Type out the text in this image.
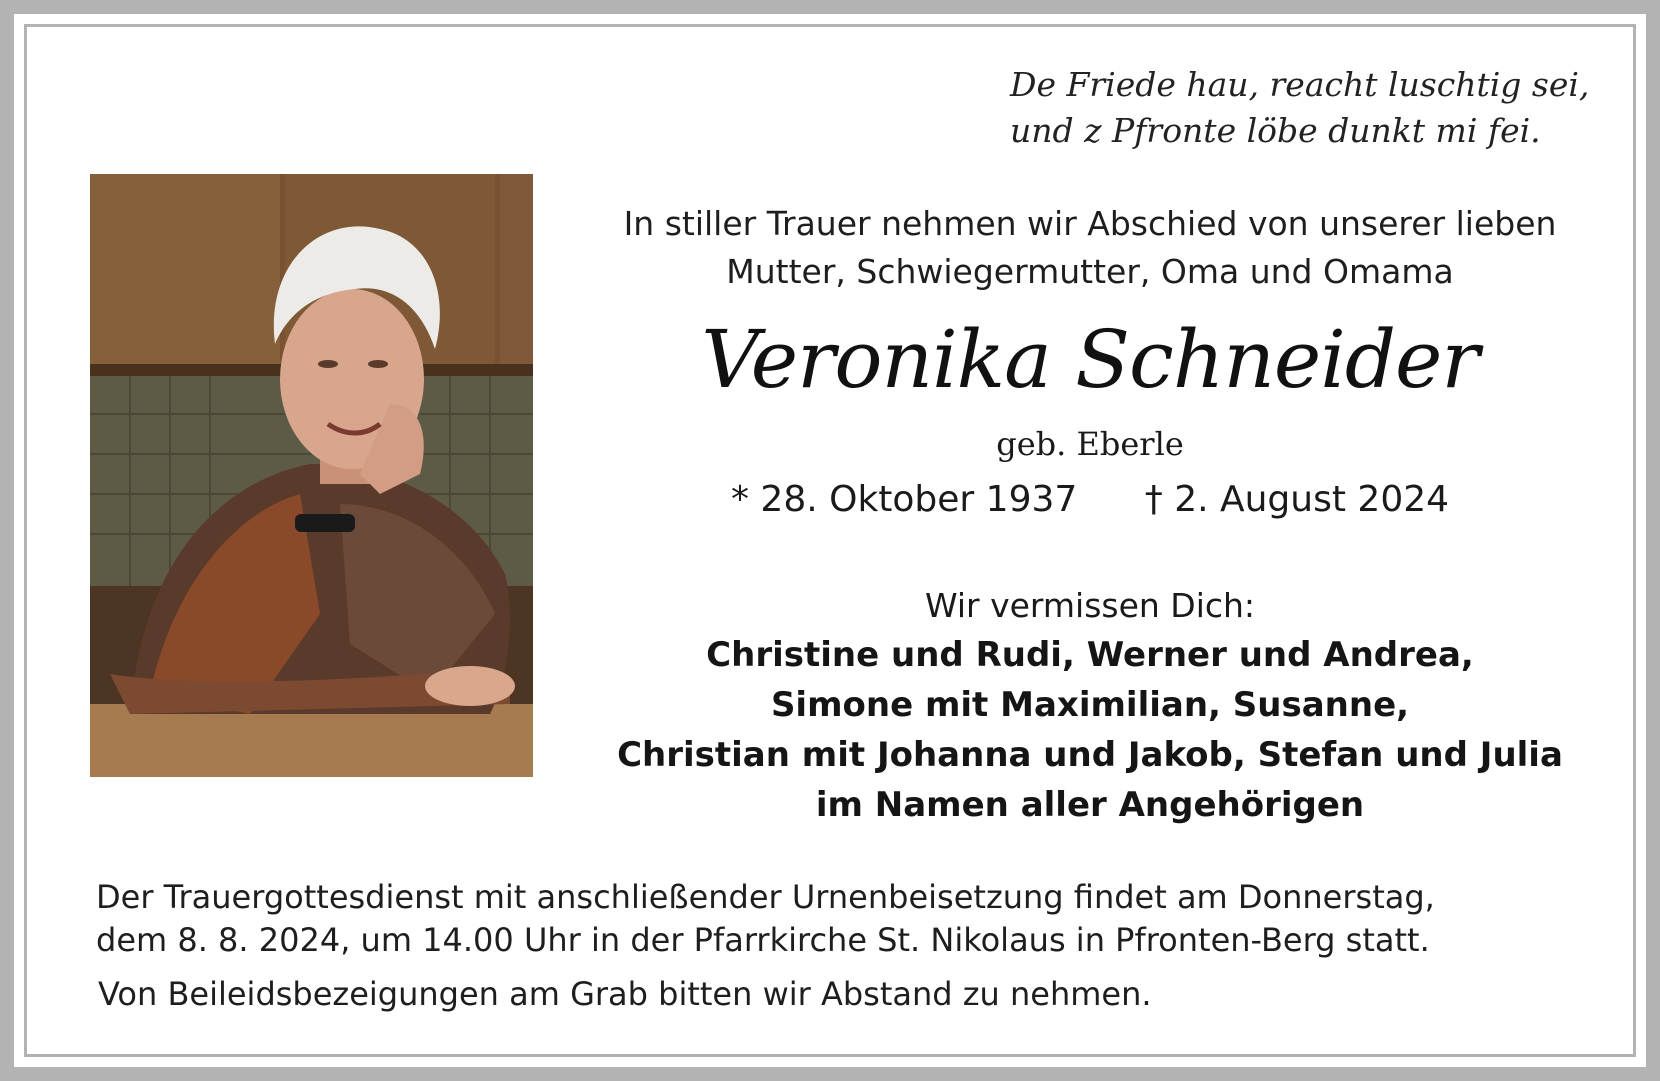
De Friede hau, reacht luschtig sei,
und z Pfronte löbe dunkt mi fei.
In stiller Trauer nehmen wir Abschied von unserer lieben
Mutter, Schwiegermutter, Oma und Omama
Veronika Schneider
geb. Eberle
* 28. Oktober 1937 † 2. August 2024
Wir vermissen Dich:
Christine und Rudi, Werner und Andrea,
Simone mit Maximilian, Susanne,
Christian mit Johanna und Jakob, Stefan und Julia
im Namen aller Angehörigen
Der Trauergottesdienst mit anschließender Urnenbeisetzung findet am Donnerstag,
dem 8. 8. 2024, um 14.00 Uhr in der Pfarrkirche St. Nikolaus in Pfronten-Berg statt.
Von Beileidsbezeigungen am Grab bitten wir Abstand zu nehmen.
